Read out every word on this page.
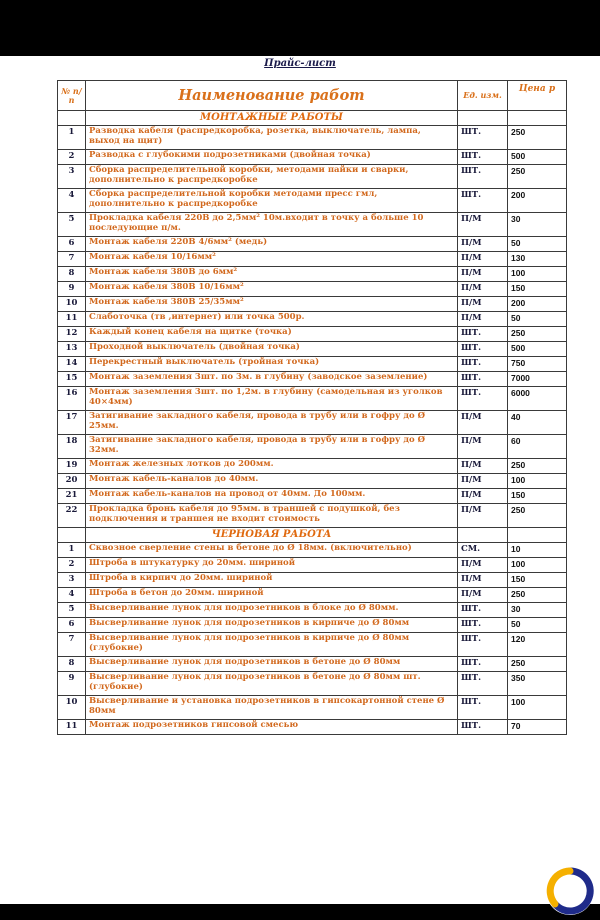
Прайс-лист
№ п/п	Наименование работ	Ед. изм.	Цена р
	МОНТАЖНЫЕ РАБОТЫ		
1	Разводка кабеля (распредкоробка, розетка, выключатель, лампа, выход на щит)	ШТ.	250
2	Разводка с глубокими подрозетниками (двойная точка)	ШТ.	500
3	Сборка распределительной коробки, методами пайки и сварки, дополнительно к распредкоробке	ШТ.	250
4	Сборка распределительной коробки методами пресс гмл, дополнительно к распредкоробке	ШТ.	200
5	Прокладка кабеля 220В до 2,5мм² 10м.входит в точку а больше 10 последующие п/м.	П/М	30
6	Монтаж кабеля 220В 4/6мм² (медь)	П/М	50
7	Монтаж кабеля 10/16мм²	П/М	130
8	Монтаж кабеля 380В до 6мм²	П/М	100
9	Монтаж кабеля 380В 10/16мм²	П/М	150
10	Монтаж кабеля 380В 25/35мм²	П/М	200
11	Слаботочка (тв ,интернет) или точка 500р.	П/М	50
12	Каждый конец кабеля на щитке (точка)	ШТ.	250
13	Проходной выключатель (двойная точка)	ШТ.	500
14	Перекрестный выключатель (тройная точка)	ШТ.	750
15	Монтаж заземления 3шт. по 3м. в глубину (заводское заземление)	ШТ.	7000
16	Монтаж заземления 3шт. по 1,2м. в глубину (самодельная из уголков 40×4мм)	ШТ.	6000
17	Затигивание закладного кабеля, провода в трубу или в гофру до Ø 25мм.	П/М	40
18	Затигивание закладного кабеля, провода в трубу или в гофру до Ø 32мм.	П/М	60
19	Монтаж железных лотков до 200мм.	П/М	250
20	Монтаж кабель-каналов до 40мм.	П/М	100
21	Монтаж кабель-каналов на провод от 40мм. До 100мм.	П/М	150
22	Прокладка бронь кабеля до 95мм. в траншей с подушкой, без подключения и траншея не входит стоимость	П/М	250
	ЧЕРНОВАЯ РАБОТА		
1	Сквозное сверление стены в бетоне до Ø 18мм. (включительно)	СМ.	10
2	Штроба в штукатурку до 20мм. шириной	П/М	100
3	Штроба в кирпич до 20мм. шириной	П/М	150
4	Штроба в бетон до 20мм. шириной	П/М	250
5	Высверливание лунок для подрозетников в блоке до Ø 80мм.	ШТ.	30
6	Высверливание лунок для подрозетников в кирпиче до Ø 80мм	ШТ.	50
7	Высверливание лунок для подрозетников в кирпиче до Ø 80мм (глубокие)	ШТ.	120
8	Высверливание лунок для подрозетников в бетоне до Ø 80мм	ШТ.	250
9	Высверливание лунок для подрозетников в бетоне до Ø 80мм шт. (глубокие)	ШТ.	350
10	Высверливание и установка подрозетников в гипсокартонной стене Ø 80мм	ШТ.	100
11	Монтаж подрозетников гипсовой смесью	ШТ.	70
